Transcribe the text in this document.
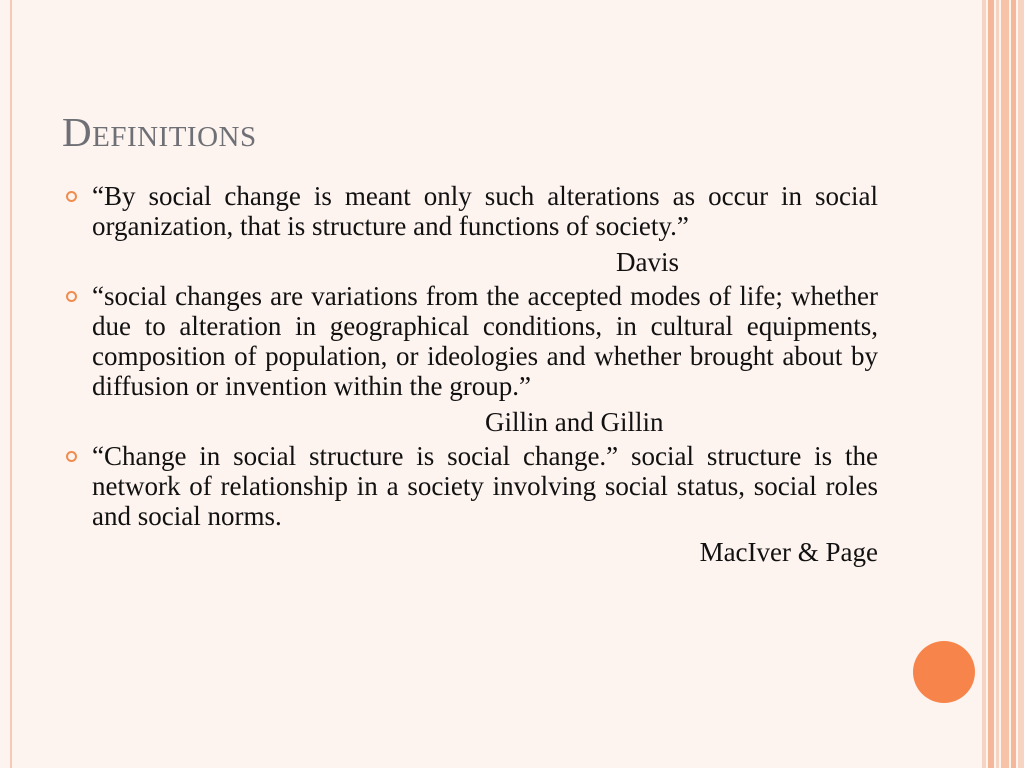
Definitions

“By social change is meant only such alterations as occur in social organization, that is structure and functions of society.”

Davis

“social changes are variations from the accepted modes of life; whether due to alteration in geographical conditions, in cultural equipments, composition of population, or ideologies and whether brought about by diffusion or invention within the group.”

Gillin and Gillin

“Change in social structure is social change.” social structure is the network of relationship in a society involving social status, social roles and social norms.

MacIver & Page
